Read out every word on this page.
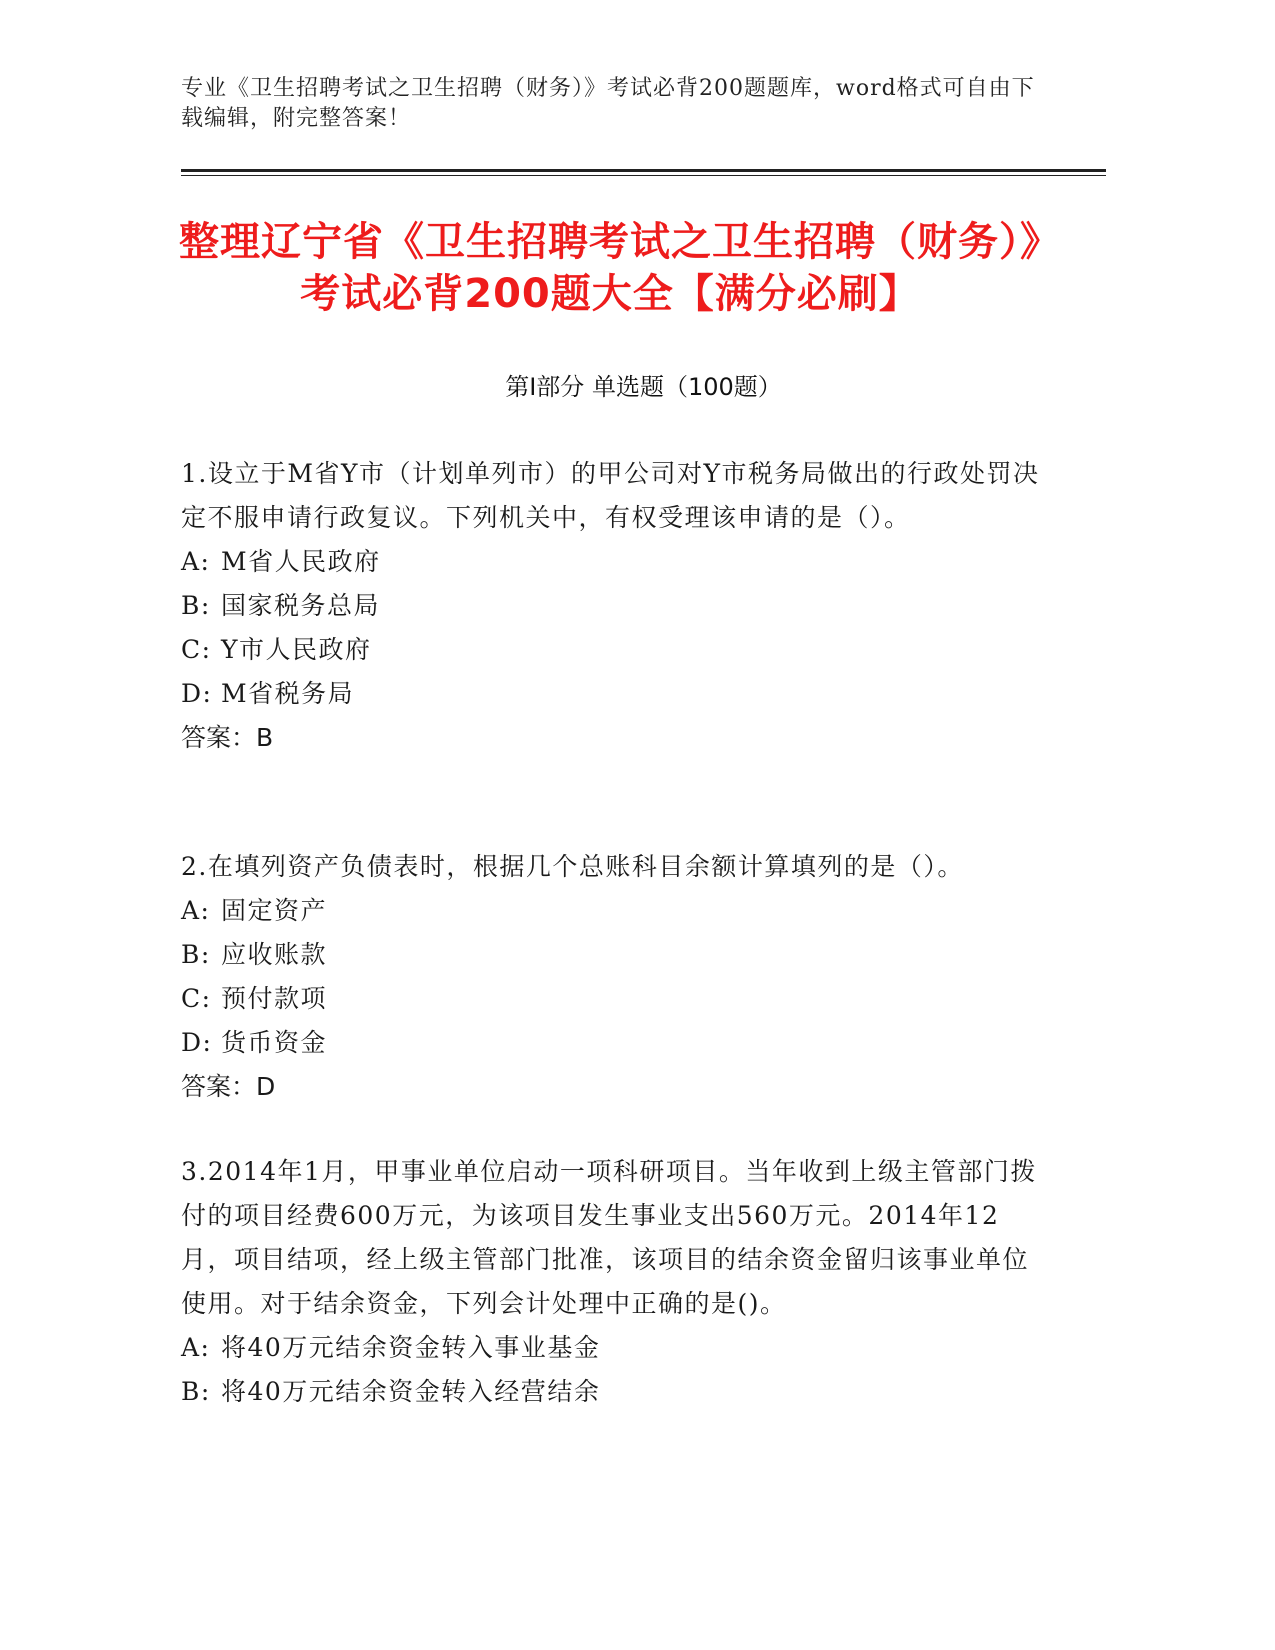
专业《卫生招聘考试之卫生招聘（财务）》考试必背200题题库，word格式可自由下载编辑，附完整答案！
整理辽宁省《卫生招聘考试之卫生招聘（财务）》考试必背200题大全【满分必刷】
第Ⅰ部分 单选题（100题）

1.设立于M省Y市（计划单列市）的甲公司对Y市税务局做出的行政处罚决定不服申请行政复议。下列机关中，有权受理该申请的是（）。

A: M省人民政府

B: 国家税务总局

C: Y市人民政府

D: M省税务局

答案：B

2.在填列资产负债表时，根据几个总账科目余额计算填列的是（）。

A: 固定资产

B: 应收账款

C: 预付款项

D: 货币资金

答案：D

3.2014年1月，甲事业单位启动一项科研项目。当年收到上级主管部门拨付的项目经费600万元，为该项目发生事业支出560万元。2014年12月，项目结项，经上级主管部门批准，该项目的结余资金留归该事业单位使用。对于结余资金，下列会计处理中正确的是()。

A: 将40万元结余资金转入事业基金

B: 将40万元结余资金转入经营结余
